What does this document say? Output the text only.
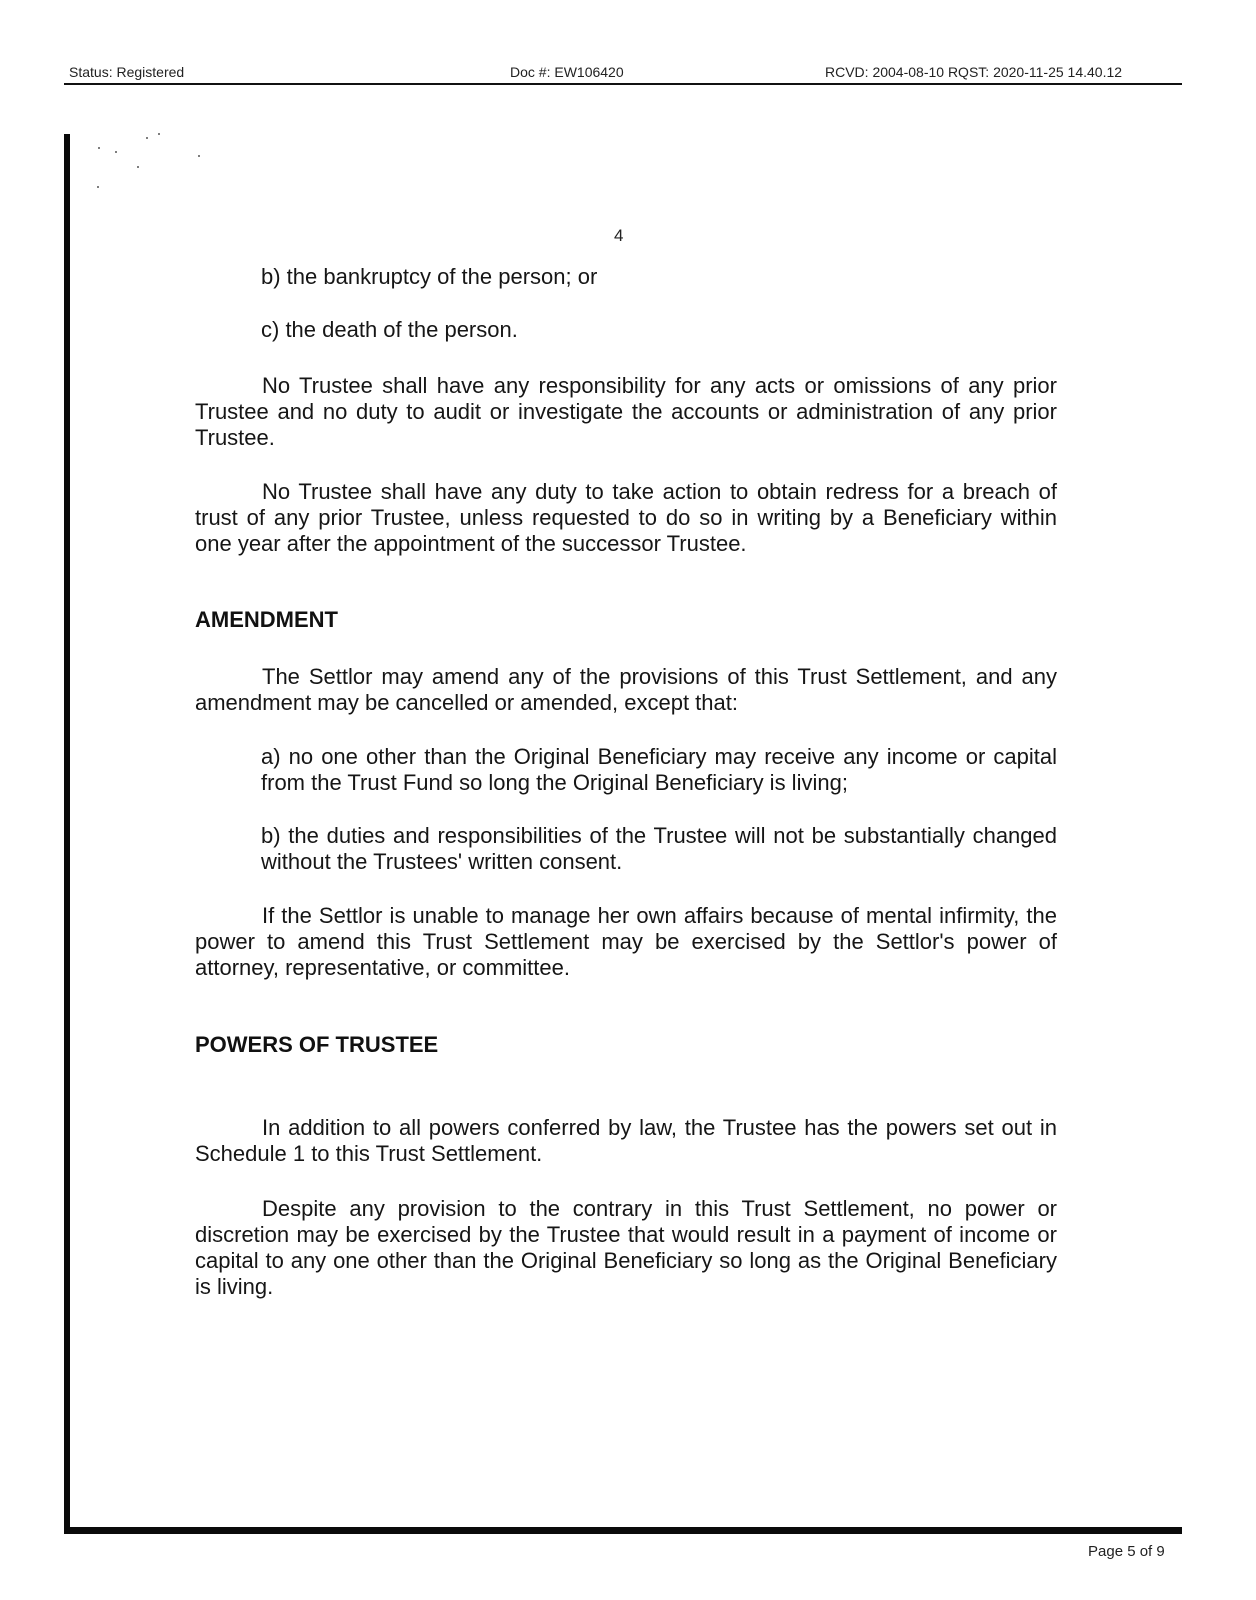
Status: Registered	Doc #: EW106420	RCVD: 2004-08-10 RQST: 2020-11-25 14.40.12
4
b) the bankruptcy of the person; or
c) the death of the person.
No Trustee shall have any responsibility for any acts or omissions of any prior Trustee and no duty to audit or investigate the accounts or administration of any prior Trustee.
No Trustee shall have any duty to take action to obtain redress for a breach of trust of any prior Trustee, unless requested to do so in writing by a Beneficiary within one year after the appointment of the successor Trustee.
AMENDMENT
The Settlor may amend any of the provisions of this Trust Settlement, and any amendment may be cancelled or amended, except that:
a) no one other than the Original Beneficiary may receive any income or capital from the Trust Fund so long the Original Beneficiary is living;
b) the duties and responsibilities of the Trustee will not be substantially changed without the Trustees' written consent.
If the Settlor is unable to manage her own affairs because of mental infirmity, the power to amend this Trust Settlement may be exercised by the Settlor's power of attorney, representative, or committee.
POWERS OF TRUSTEE
In addition to all powers conferred by law, the Trustee has the powers set out in Schedule 1 to this Trust Settlement.
Despite any provision to the contrary in this Trust Settlement, no power or discretion may be exercised by the Trustee that would result in a payment of income or capital to any one other than the Original Beneficiary so long as the Original Beneficiary is living.
Page 5 of 9
